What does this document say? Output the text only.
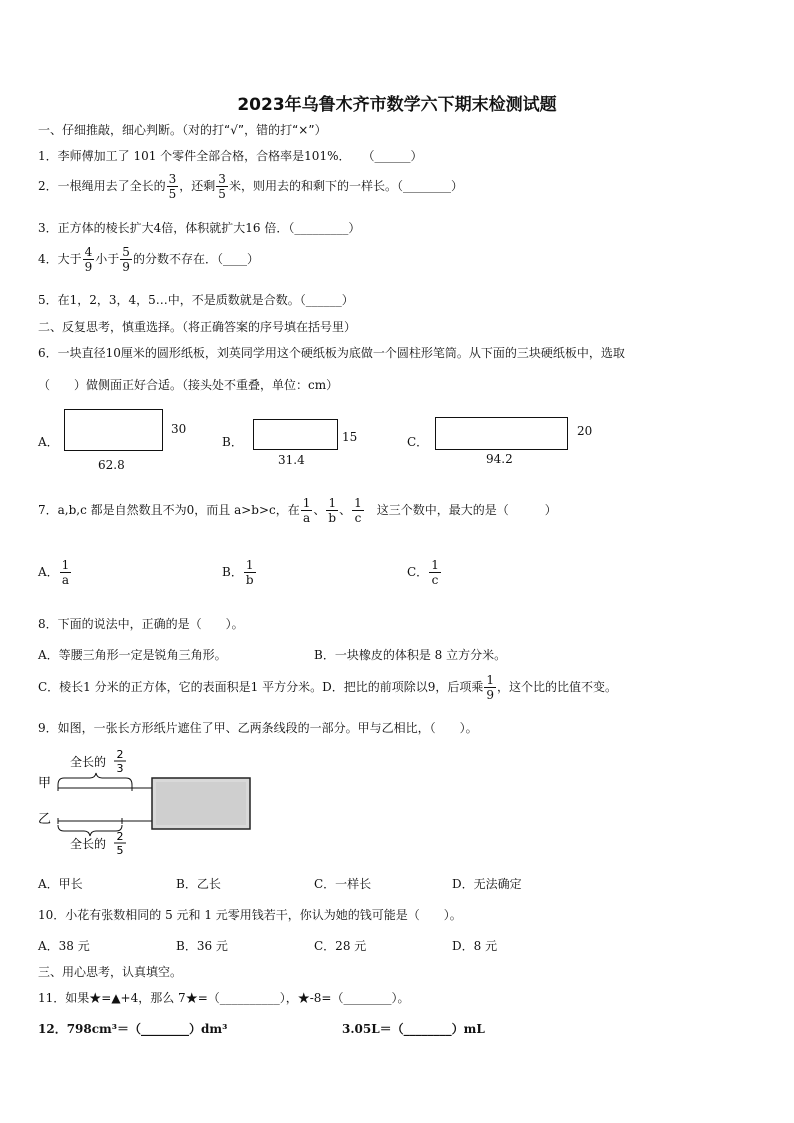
2023年乌鲁木齐市数学六下期末检测试题
一、仔细推敲，细心判断。（对的打“√”，错的打“×”）
1．李师傅加工了 101 个零件全部合格，合格率是101%．　　（______）
2．一根绳用去了全长的 $\frac{3}{5}$ ，还剩 $\frac{3}{5}$ 米，则用去的和剩下的一样长。（________）
3．正方体的棱长扩大4倍，体积就扩大16 倍．（_________）
4．大于 $\frac{4}{9}$ 小于 $\frac{5}{9}$ 的分数不存在．（____）
5．在1，2，3，4，5…中，不是质数就是合数。（______）
二、反复思考，慎重选择。（将正确答案的序号填在括号里）
6．一块直径10厘米的圆形纸板，刘英同学用这个硬纸板为底做一个圆柱形笔筒。从下面的三块硬纸板中，选取
（　　）做侧面正好合适。（接头处不重叠，单位：cm）
A．
30
62.8
B．	15
31.4
C．
20
94.2
7．a,b,c 都是自然数且不为0，而且 a>b>c，在 $\frac{1}{a}$ 、 $\frac{1}{b}$ 、 $\frac{1}{c}$
　 这三个数中，最大的是（　　　）
A． $\frac{1}{a}$	B． $\frac{1}{b}$	C． $\frac{1}{c}$
8．下面的说法中，正确的是（　　）。
A．等腰三角形一定是锐角三角形。	B．一块橡皮的体积是 8 立方分米。
C．棱长1 分米的正方体，它的表面积是1 平方分米。D．把比的前项除以9，后项乘 $\frac{1}{9}$ ，这个比的比值不变。
9．如图，一张长方形纸片遮住了甲、乙两条线段的一部分。甲与乙相比，（　　）。
全长的
2
3
甲
乙
全长的
2
5
A．甲长	B．乙长	C．一样长	D．无法确定
10．小花有张数相同的 5 元和 1 元零用钱若干，你认为她的钱可能是（　　）。
A．38 元	B．36 元	C．28 元	D．8 元
三、用心思考，认真填空。
11．如果★=▲+4，那么 7★=（__________），★-8=（________）。
12．798cm³＝（________）dm³	3.05L＝（________）mL
